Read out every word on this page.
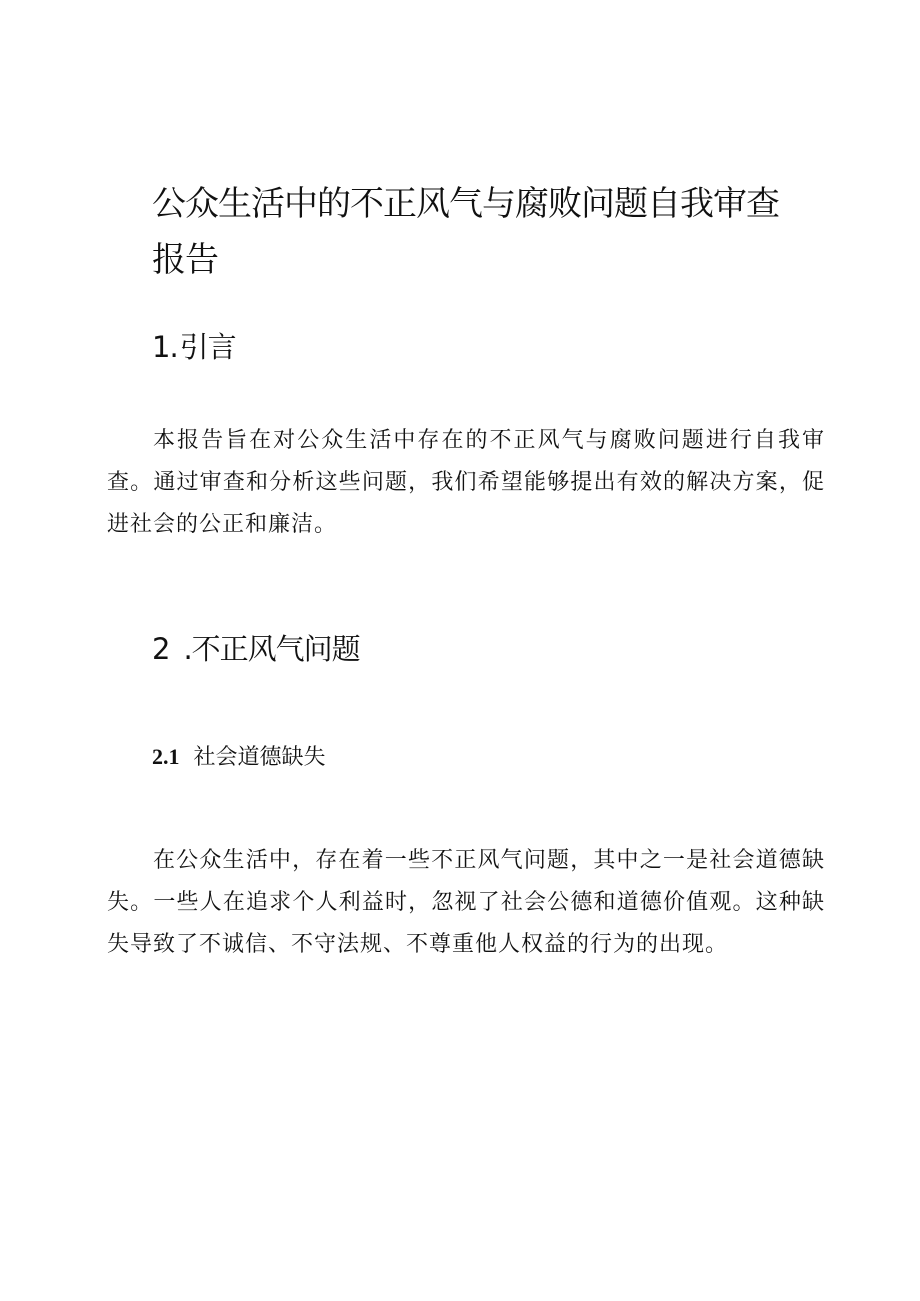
公众生活中的不正风气与腐败问题自我审查报告
1.引言

本报告旨在对公众生活中存在的不正风气与腐败问题进行自我审查。通过审查和分析这些问题，我们希望能够提出有效的解决方案，促进社会的公正和廉洁。

2 .不正风气问题
2.1 社会道德缺失

在公众生活中，存在着一些不正风气问题，其中之一是社会道德缺失。一些人在追求个人利益时，忽视了社会公德和道德价值观。这种缺失导致了不诚信、不守法规、不尊重他人权益的行为的出现。
